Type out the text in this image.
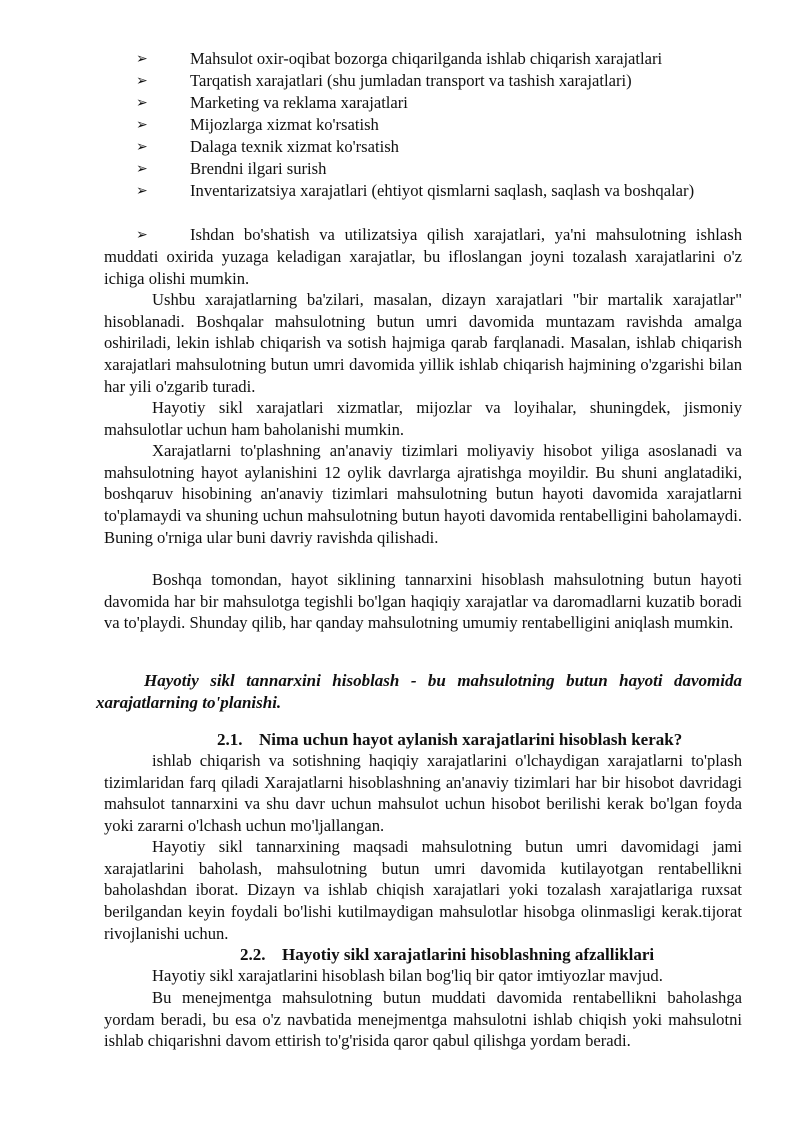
➢	Mahsulot oxir-oqibat bozorga chiqarilganda ishlab chiqarish xarajatlari
➢	Tarqatish xarajatlari (shu jumladan transport va tashish xarajatlari)
➢	Marketing va reklama xarajatlari
➢	Mijozlarga xizmat ko'rsatish
➢	Dalaga texnik xizmat ko'rsatish
➢	Brendni ilgari surish
➢	Inventarizatsiya xarajatlari (ehtiyot qismlarni saqlash, saqlash va boshqalar)
➢	Ishdan bo'shatish va utilizatsiya qilish xarajatlari, ya'ni mahsulotning ishlash muddati oxirida yuzaga keladigan xarajatlar, bu ifloslangan joyni tozalash xarajatlarini o'z ichiga olishi mumkin.

Ushbu xarajatlarning ba'zilari, masalan, dizayn xarajatlari "bir martalik xarajatlar" hisoblanadi. Boshqalar mahsulotning butun umri davomida muntazam ravishda amalga oshiriladi, lekin ishlab chiqarish va sotish hajmiga qarab farqlanadi. Masalan, ishlab chiqarish xarajatlari mahsulotning butun umri davomida yillik ishlab chiqarish hajmining o'zgarishi bilan har yili o'zgarib turadi.

Hayotiy sikl xarajatlari xizmatlar, mijozlar va loyihalar, shuningdek, jismoniy mahsulotlar uchun ham baholanishi mumkin.

Xarajatlarni to'plashning an'anaviy tizimlari moliyaviy hisobot yiliga asoslanadi va mahsulotning hayot aylanishini 12 oylik davrlarga ajratishga moyildir. Bu shuni anglatadiki, boshqaruv hisobining an'anaviy tizimlari mahsulotning butun hayoti davomida xarajatlarni to'plamaydi va shuning uchun mahsulotning butun hayoti davomida rentabelligini baholamaydi. Buning o'rniga ular buni davriy ravishda qilishadi.

Boshqa tomondan, hayot siklining tannarxini hisoblash mahsulotning butun hayoti davomida har bir mahsulotga tegishli bo'lgan haqiqiy xarajatlar va daromadlarni kuzatib boradi va to'playdi. Shunday qilib, har qanday mahsulotning umumiy rentabelligini aniqlash mumkin.

Hayotiy sikl tannarxini hisoblash - bu mahsulotning butun hayoti davomida xarajatlarning to'planishi.

2.1. Nima uchun hayot aylanish xarajatlarini hisoblash kerak?

ishlab chiqarish va sotishning haqiqiy xarajatlarini o'lchaydigan xarajatlarni to'plash tizimlaridan farq qiladi Xarajatlarni hisoblashning an'anaviy tizimlari har bir hisobot davridagi mahsulot tannarxini va shu davr uchun mahsulot uchun hisobot berilishi kerak bo'lgan foyda yoki zararni o'lchash uchun mo'ljallangan.

Hayotiy sikl tannarxining maqsadi mahsulotning butun umri davomidagi jami xarajatlarini baholash, mahsulotning butun umri davomida kutilayotgan rentabellikni baholashdan iborat. Dizayn va ishlab chiqish xarajatlari yoki tozalash xarajatlariga ruxsat berilgandan keyin foydali bo'lishi kutilmaydigan mahsulotlar hisobga olinmasligi kerak.tijorat rivojlanishi uchun.

2.2. Hayotiy sikl xarajatlarini hisoblashning afzalliklari

Hayotiy sikl xarajatlarini hisoblash bilan bog'liq bir qator imtiyozlar mavjud.

Bu menejmentga mahsulotning butun muddati davomida rentabellikni baholashga yordam beradi, bu esa o'z navbatida menejmentga mahsulotni ishlab chiqish yoki mahsulotni ishlab chiqarishni davom ettirish to'g'risida qaror qabul qilishga yordam beradi.
